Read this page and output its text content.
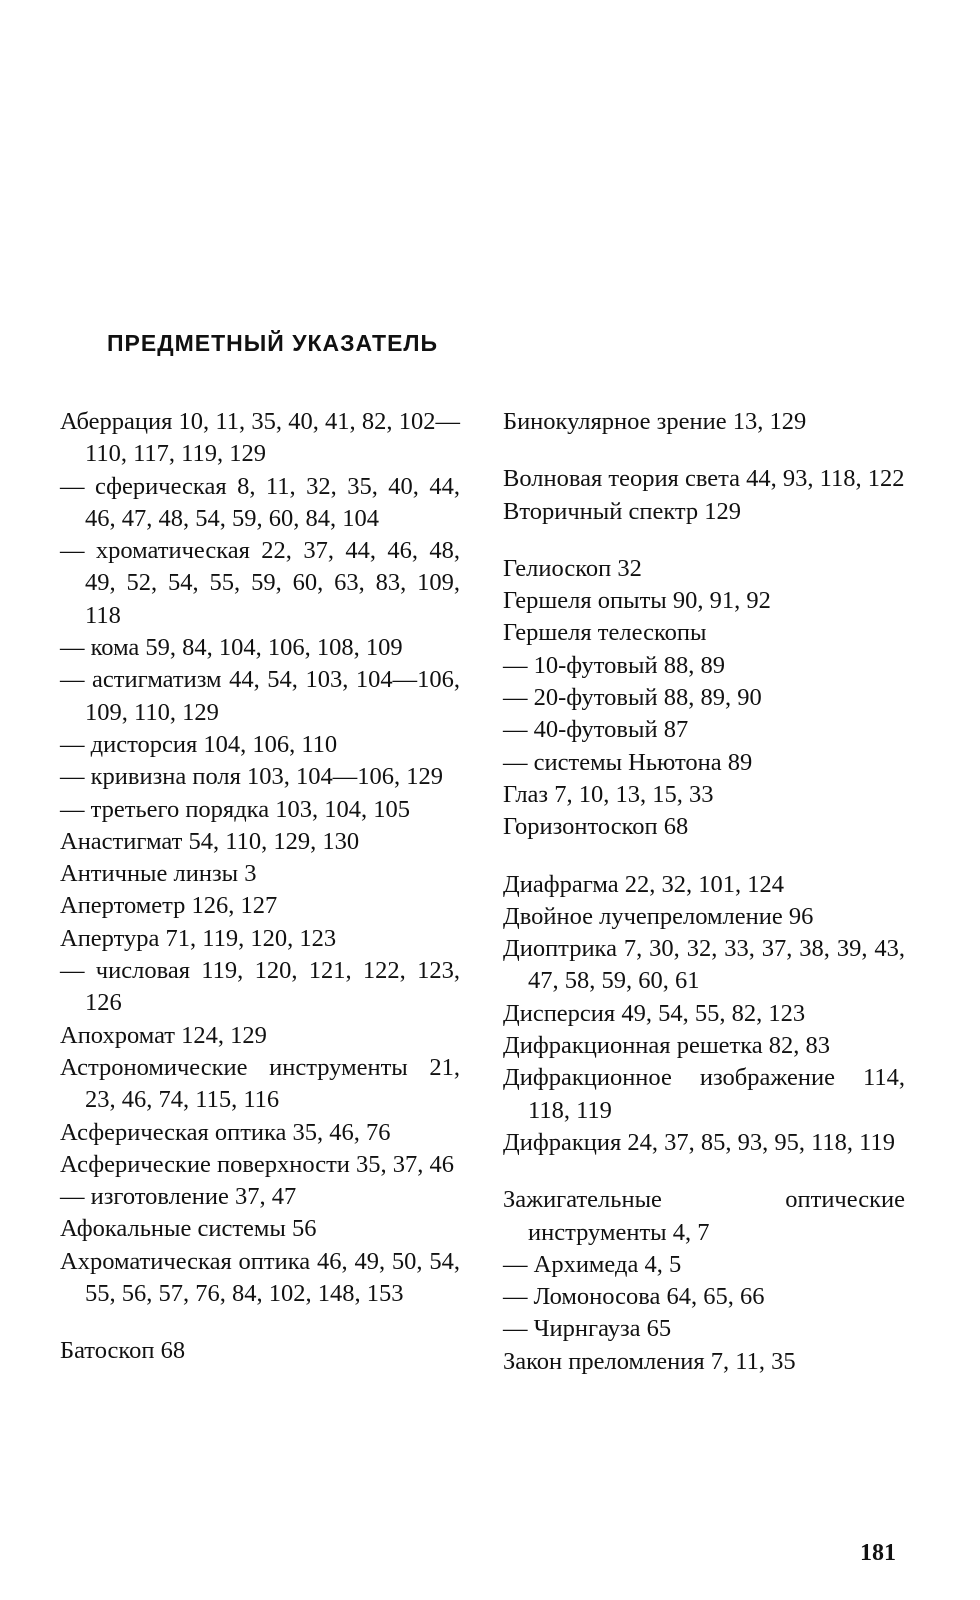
ПРЕДМЕТНЫЙ УКАЗАТЕЛЬ

Аберрация 10, 11, 35, 40, 41, 82, 102—110, 117, 119, 129

— сферическая 8, 11, 32, 35, 40, 44, 46, 47, 48, 54, 59, 60, 84, 104

— хроматическая 22, 37, 44, 46, 48, 49, 52, 54, 55, 59, 60, 63, 83, 109, 118

— кома 59, 84, 104, 106, 108, 109

— астигматизм 44, 54, 103, 104—106, 109, 110, 129

— дисторсия 104, 106, 110

— кривизна поля 103, 104—106, 129

— третьего порядка 103, 104, 105

Анастигмат 54, 110, 129, 130

Античные линзы 3

Апертометр 126, 127

Апертура 71, 119, 120, 123

— числовая 119, 120, 121, 122, 123, 126

Апохромат 124, 129

Астрономические инструменты 21, 23, 46, 74, 115, 116

Асферическая оптика 35, 46, 76

Асферические поверхности 35, 37, 46

— изготовление 37, 47

Афокальные системы 56

Ахроматическая оптика 46, 49, 50, 54, 55, 56, 57, 76, 84, 102, 148, 153

Батоскоп 68

Бинокулярное зрение 13, 129

Волновая теория света 44, 93, 118, 122

Вторичный спектр 129

Гелиоскоп 32

Гершеля опыты 90, 91, 92

Гершеля телескопы

— 10-футовый 88, 89

— 20-футовый 88, 89, 90

— 40-футовый 87

— системы Ньютона 89

Глаз 7, 10, 13, 15, 33

Горизонтоскоп 68

Диафрагма 22, 32, 101, 124

Двойное лучепреломление 96

Диоптрика 7, 30, 32, 33, 37, 38, 39, 43, 47, 58, 59, 60, 61

Дисперсия 49, 54, 55, 82, 123

Дифракционная решетка 82, 83

Дифракционное изображение 114, 118, 119

Дифракция 24, 37, 85, 93, 95, 118, 119

Зажигательные оптические инструменты 4, 7

— Архимеда 4, 5

— Ломоносова 64, 65, 66

— Чирнгауза 65

Закон преломления 7, 11, 35

181
